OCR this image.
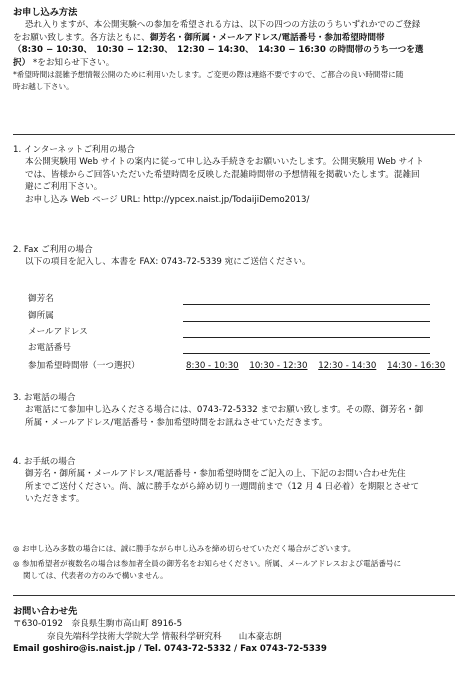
お申し込み方法

恐れ入りますが、本公開実験への参加を希望される方は、以下の四つの方法のうちいずれかでのご登録

をお願い致します。各方法ともに、御芳名・御所属・メールアドレス/電話番号・参加希望時間帯

（8:30 − 10:30、　10:30 − 12:30、　12:30 − 14:30、　14:30 − 16:30 の時間帯のうち一つを選

択） *をお知らせ下さい。

*希望時間は混雑予想情報公開のために利用いたします。ご変更の際は連絡不要ですので、ご都合の良い時間帯に随

時お越し下さい。

1. インターネットご利用の場合

本公開実験用 Web サイトの案内に従って申し込み手続きをお願いいたします。公開実験用 Web サイト

では、皆様からご回答いただいた希望時間を反映した混雑時間帯の予想情報を掲載いたします。混雑回

避にご利用下さい。

お申し込み Web ページ URL: http://ypcex.naist.jp/TodaijiDemo2013/

2. Fax ご利用の場合

以下の項目を記入し、本書を FAX: 0743-72-5339 宛にご送信ください。

御芳名
御所属
メールアドレス
お電話番号
参加希望時間帯（一つ選択）	8:30 - 10:30 10:30 - 12:30 12:30 - 14:30 14:30 - 16:30
3. お電話の場合

お電話にて参加申し込みくださる場合には、0743-72-5332 までお願い致します。その際、御芳名・御

所属・メールアドレス/電話番号・参加希望時間をお訊ねさせていただきます。

4. お手紙の場合

御芳名・御所属・メールアドレス/電話番号・参加希望時間をご記入の上、下記のお問い合わせ先住

所までご送付ください。尚、誠に勝手ながら締め切り一週間前まで（12 月 4 日必着）を期限とさせて

いただきます。

◎ お申し込み多数の場合には、誠に勝手ながら申し込みを締め切らせていただく場合がございます。

◎ 参加希望者が複数名の場合は参加者全員の御芳名をお知らせください。所属、メールアドレスおよび電話番号に

関しては、代表者の方のみで構いません。

お問い合わせ先

〒630-0192　奈良県生駒市高山町 8916-5

奈良先端科学技術大学院大学 情報科学研究科　　山本豪志朗

Email goshiro@is.naist.jp / Tel. 0743-72-5332 / Fax 0743-72-5339
